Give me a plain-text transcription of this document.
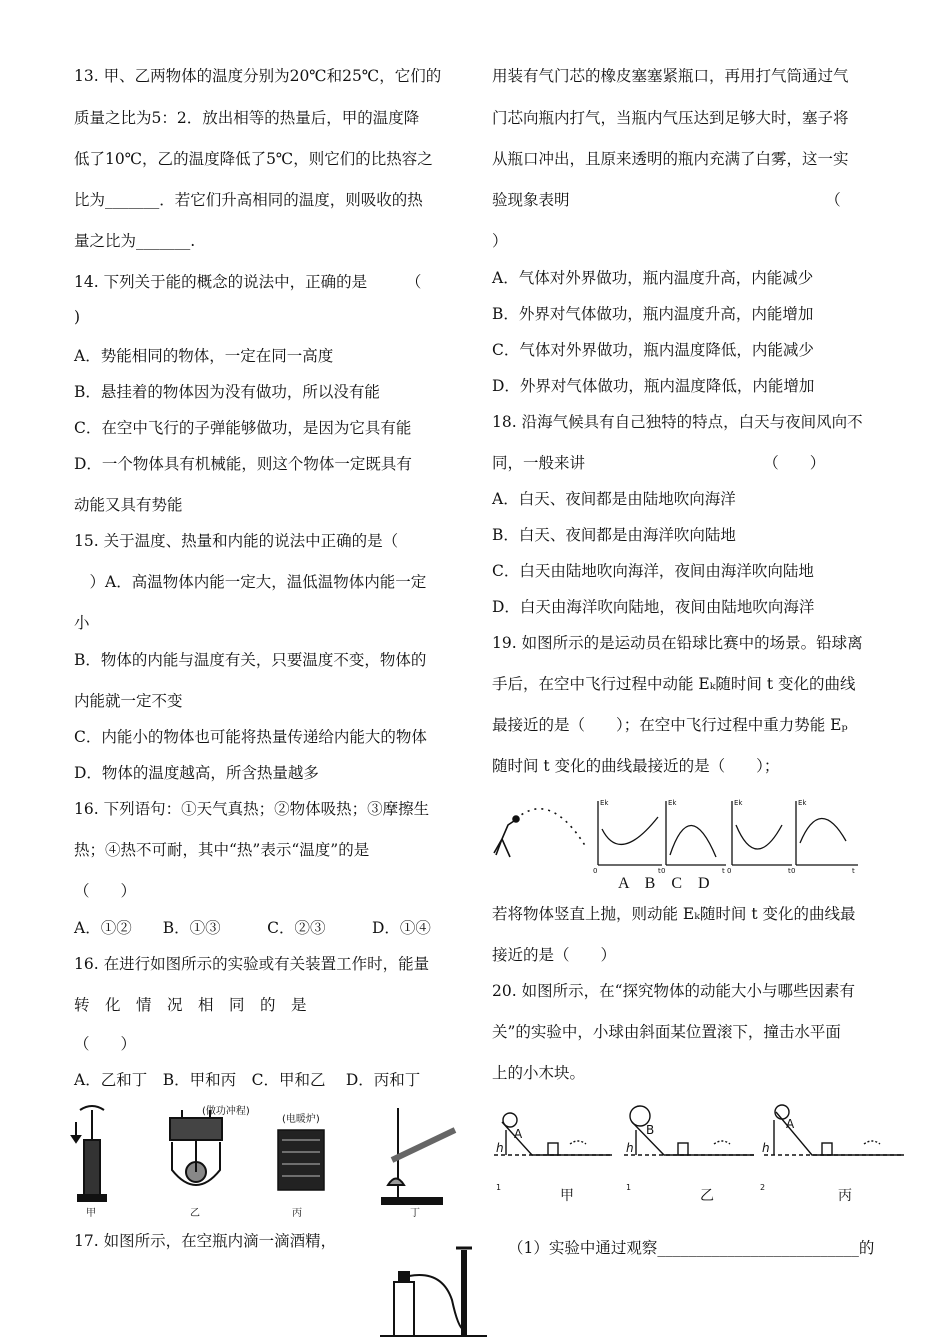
13. 甲、乙两物体的温度分别为20℃和25℃，它们的
质量之比为5：2．放出相等的热量后，甲的温度降
低了10℃，乙的温度降低了5℃，则它们的比热容之
比为_______．若它们升高相同的温度，则吸收的热
量之比为_______.
14. 下列关于能的概念的说法中，正确的是　　　（
)
A．势能相同的物体，一定在同一高度
B．悬挂着的物体因为没有做功，所以没有能
C．在空中飞行的子弹能够做功，是因为它具有能
D．一个物体具有机械能，则这个物体一定既具有
动能又具有势能
15. 关于温度、热量和内能的说法中正确的是（
　）A．高温物体内能一定大，温低温物体内能一定
小
B．物体的内能与温度有关，只要温度不变，物体的
内能就一定不变
C．内能小的物体也可能将热量传递给内能大的物体
D．物体的温度越高，所含热量越多
16. 下列语句：①天气真热；②物体吸热；③摩擦生
热；④热不可耐，其中“热”表示“温度”的是
（　　）
A．①②　　B．①③　　　C．②③　　　D．①④
16. 在进行如图所示的实验或有关装置工作时，能量
转　化　情　况　相　同　的　是
（　　）
A．乙和丁　B．甲和丙　C．甲和乙　 D．丙和丁
(做功冲程)
(电暖炉)
甲	乙	丙	丁
17. 如图所示，在空瓶内滴一滴酒精，
用装有气门芯的橡皮塞塞紧瓶口，再用打气筒通过气
门芯向瓶内打气，当瓶内气压达到足够大时，塞子将
从瓶口冲出，且原来透明的瓶内充满了白雾，这一实
验现象表明　　　　　　　　　　　　　　　　　（
）
A．气体对外界做功，瓶内温度升高，内能减少
B．外界对气体做功，瓶内温度升高，内能增加
C．气体对外界做功，瓶内温度降低，内能减少
D．外界对气体做功，瓶内温度降低，内能增加
18. 沿海气候具有自己独特的特点，白天与夜间风向不
同，一般来讲　　　　　　　　　　　　（　　）
A．白天、夜间都是由陆地吹向海洋
B．白天、夜间都是由海洋吹向陆地
C．白天由陆地吹向海洋，夜间由海洋吹向陆地
D．白天由海洋吹向陆地，夜间由陆地吹向海洋
19. 如图所示的是运动员在铅球比赛中的场景。铅球离
手后，在空中飞行过程中动能 Eₖ随时间 t 变化的曲线
最接近的是（　　）；在空中飞行过程中重力势能 Eₚ
随时间 t 变化的曲线最接近的是（　　）；
Ek	Ek	Ek	Ek
0	0	0	0
t	t	t	t
A　B　C　D
若将物体竖直上抛，则动能 Eₖ随时间 t 变化的曲线最
接近的是（　　）
20. 如图所示，在“探究物体的动能大小与哪些因素有
关”的实验中，小球由斜面某位置滚下，撞击水平面
上的小木块。
A	B	A
h	h	h
1	1	2
甲	乙	丙
（1）实验中通过观察__________________________的
